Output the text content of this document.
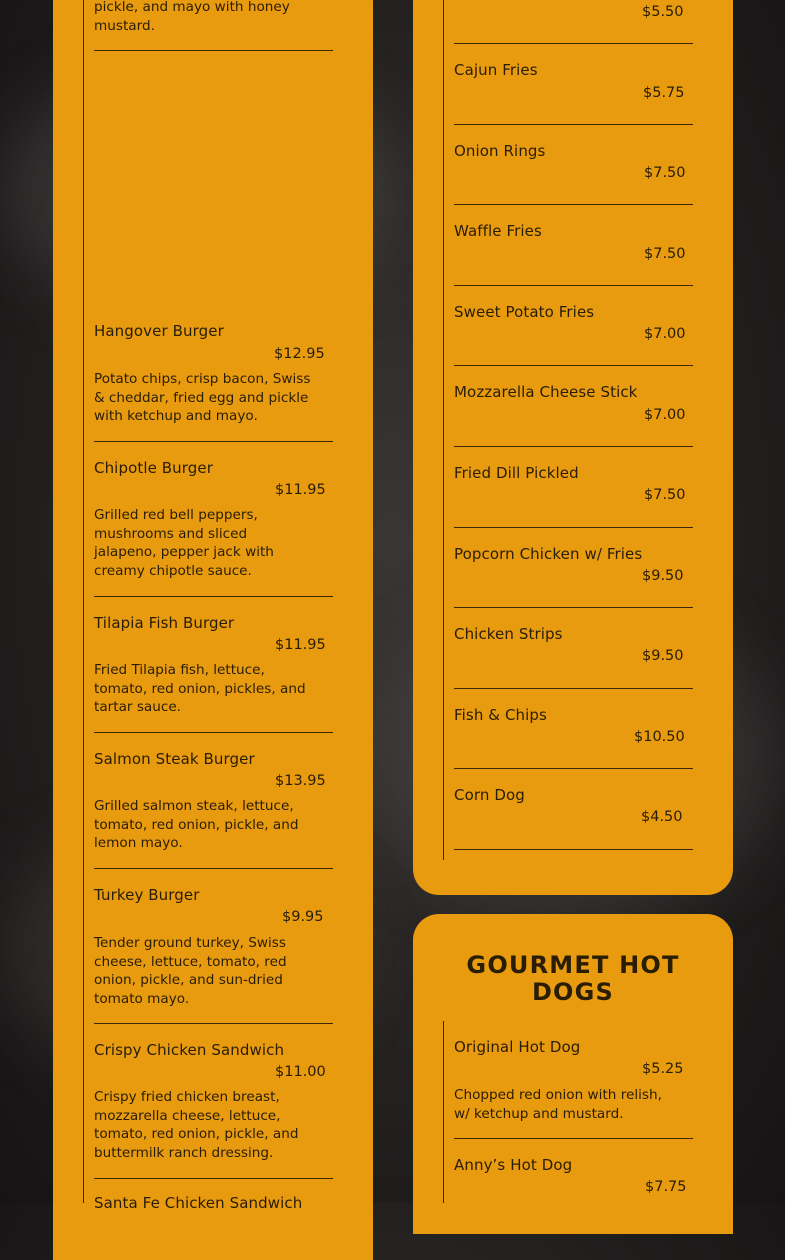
pickle, and mayo with honey mustard.

Hangover Burger

$12.95

Potato chips, crisp bacon, Swiss & cheddar, fried egg and pickle with ketchup and mayo.

Chipotle Burger

$11.95

Grilled red bell peppers, mushrooms and sliced jalapeno, pepper jack with creamy chipotle sauce.

Tilapia Fish Burger

$11.95

Fried Tilapia fish, lettuce, tomato, red onion, pickles, and tartar sauce.

Salmon Steak Burger

$13.95

Grilled salmon steak, lettuce, tomato, red onion, pickle, and lemon mayo.

Turkey Burger

$9.95

Tender ground turkey, Swiss cheese, lettuce, tomato, red onion, pickle, and sun-dried tomato mayo.

Crispy Chicken Sandwich

$11.00

Crispy fried chicken breast, mozzarella cheese, lettuce, tomato, red onion, pickle, and buttermilk ranch dressing.

Santa Fe Chicken Sandwich

$5.50

Cajun Fries

$5.75

Onion Rings

$7.50

Waffle Fries

$7.50

Sweet Potato Fries

$7.00

Mozzarella Cheese Stick

$7.00

Fried Dill Pickled

$7.50

Popcorn Chicken w/ Fries

$9.50

Chicken Strips

$9.50

Fish & Chips

$10.50

Corn Dog

$4.50

GOURMET HOT DOGS

Original Hot Dog

$5.25

Chopped red onion with relish, w/ ketchup and mustard.

Anny’s Hot Dog

$7.75
